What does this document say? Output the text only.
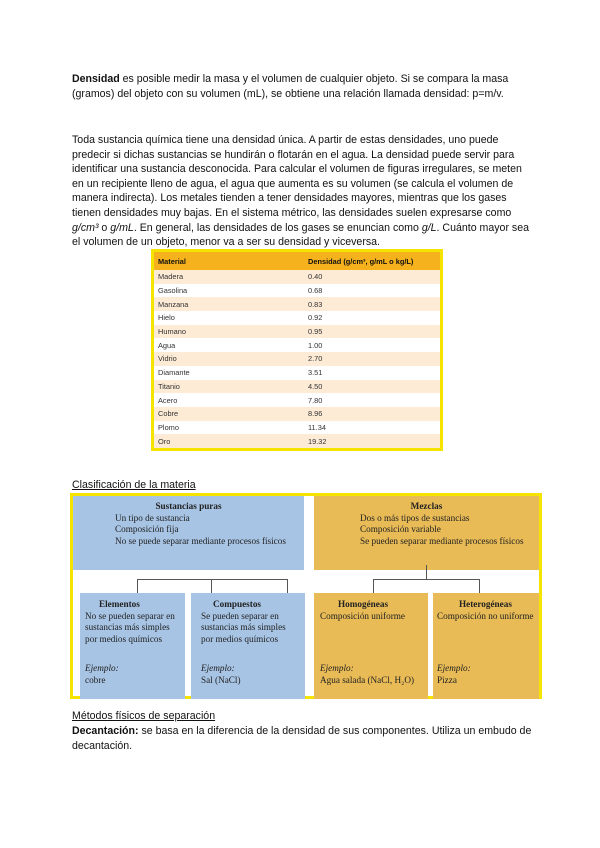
Densidad es posible medir la masa y el volumen de cualquier objeto. Si se compara la masa (gramos) del objeto con su volumen (mL), se obtiene una relación llamada densidad: p=m/v.
Toda sustancia química tiene una densidad única. A partir de estas densidades, uno puede predecir si dichas sustancias se hundirán o flotarán en el agua. La densidad puede servir para identificar una sustancia desconocida. Para calcular el volumen de figuras irregulares, se meten en un recipiente lleno de agua, el agua que aumenta es su volumen (se calcula el volumen de manera indirecta). Los metales tienden a tener densidades mayores, mientras que los gases tienen densidades muy bajas. En el sistema métrico, las densidades suelen expresarse como g/cm³ o g/mL. En general, las densidades de los gases se enuncian como g/L. Cuánto mayor sea el volumen de un objeto, menor va a ser su densidad y viceversa.
Material	Densidad (g/cm³, g/mL o kg/L)
Madera	0.40
Gasolina	0.68
Manzana	0.83
Hielo	0.92
Humano	0.95
Agua	1.00
Vidrio	2.70
Diamante	3.51
Titanio	4.50
Acero	7.80
Cobre	8.96
Plomo	11.34
Oro	19.32
Clasificación de la materia
Sustancias puras
Un tipo de sustancia
Composición fija
No se puede separar mediante procesos físicos
Mezclas
Dos o más tipos de sustancias
Composición variable
Se pueden separar mediante procesos físicos
Elementos
No se pueden separar en
sustancias más simples
por medios químicos
Ejemplo:
cobre
Compuestos
Se pueden separar en
sustancias más simples
por medios químicos
Ejemplo:
Sal (NaCl)
Homogéneas
Composición uniforme
Ejemplo:
Agua salada (NaCl, H₂O)
Heterogéneas
Composición no uniforme
Ejemplo:
Pizza
Métodos físicos de separación
Decantación: se basa en la diferencia de la densidad de sus componentes. Utiliza un embudo de decantación.
